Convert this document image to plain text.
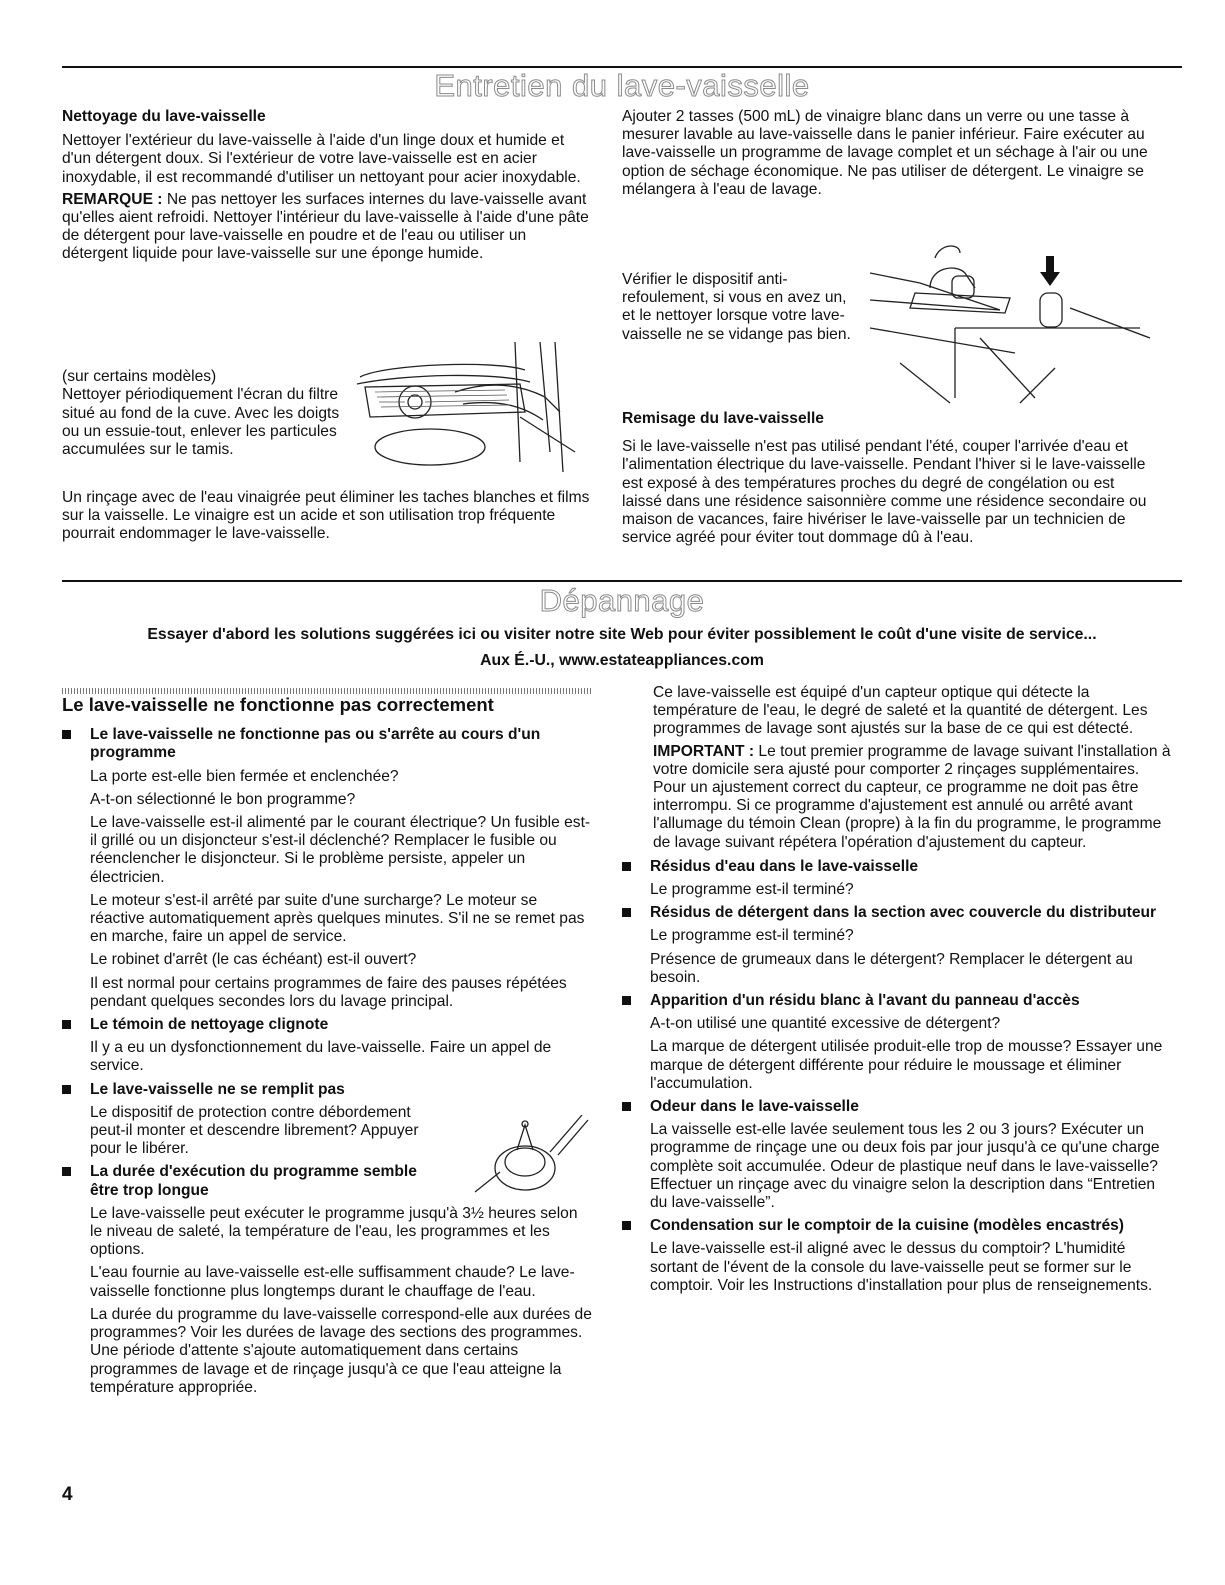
Entretien du lave-vaisselle
Nettoyage du lave-vaisselle

Nettoyer l'extérieur du lave-vaisselle à l'aide d'un linge doux et humide et d'un détergent doux. Si l'extérieur de votre lave-vaisselle est en acier inoxydable, il est recommandé d'utiliser un nettoyant pour acier inoxydable.

REMARQUE : Ne pas nettoyer les surfaces internes du lave-vaisselle avant qu'elles aient refroidi. Nettoyer l'intérieur du lave-vaisselle à l'aide d'une pâte de détergent pour lave-vaisselle en poudre et de l'eau ou utiliser un détergent liquide pour lave-vaisselle sur une éponge humide.

(sur certains modèles)
Nettoyer périodiquement l'écran du filtre situé au fond de la cuve. Avec les doigts ou un essuie-tout, enlever les particules accumulées sur le tamis.

Un rinçage avec de l'eau vinaigrée peut éliminer les taches blanches et films sur la vaisselle. Le vinaigre est un acide et son utilisation trop fréquente pourrait endommager le lave-vaisselle.

Ajouter 2 tasses (500 mL) de vinaigre blanc dans un verre ou une tasse à mesurer lavable au lave-vaisselle dans le panier inférieur. Faire exécuter au lave-vaisselle un programme de lavage complet et un séchage à l'air ou une option de séchage économique. Ne pas utiliser de détergent. Le vinaigre se mélangera à l'eau de lavage.

Vérifier le dispositif anti-refoulement, si vous en avez un, et le nettoyer lorsque votre lave-vaisselle ne se vidange pas bien.

Remisage du lave-vaisselle

Si le lave-vaisselle n'est pas utilisé pendant l'été, couper l'arrivée d'eau et l'alimentation électrique du lave-vaisselle. Pendant l'hiver si le lave-vaisselle est exposé à des températures proches du degré de congélation ou est laissé dans une résidence saisonnière comme une résidence secondaire ou maison de vacances, faire hivériser le lave-vaisselle par un technicien de service agréé pour éviter tout dommage dû à l'eau.

Dépannage
Essayer d'abord les solutions suggérées ici ou visiter notre site Web pour éviter possiblement le coût d'une visite de service...
Aux É.-U., www.estateappliances.com
Le lave-vaisselle ne fonctionne pas correctement
Le lave-vaisselle ne fonctionne pas ou s'arrête au cours d'un programme

La porte est-elle bien fermée et enclenchée?

A-t-on sélectionné le bon programme?

Le lave-vaisselle est-il alimenté par le courant électrique? Un fusible est-il grillé ou un disjoncteur s'est-il déclenché? Remplacer le fusible ou réenclencher le disjoncteur. Si le problème persiste, appeler un électricien.

Le moteur s'est-il arrêté par suite d'une surcharge? Le moteur se réactive automatiquement après quelques minutes. S'il ne se remet pas en marche, faire un appel de service.

Le robinet d'arrêt (le cas échéant) est-il ouvert?

Il est normal pour certains programmes de faire des pauses répétées pendant quelques secondes lors du lavage principal.

Le témoin de nettoyage clignote

Il y a eu un dysfonctionnement du lave-vaisselle. Faire un appel de service.

Le lave-vaisselle ne se remplit pas

Le dispositif de protection contre débordement peut-il monter et descendre librement? Appuyer pour le libérer.

La durée d'exécution du programme semble être trop longue

Le lave-vaisselle peut exécuter le programme jusqu'à 3½ heures selon le niveau de saleté, la température de l'eau, les programmes et les options.

L'eau fournie au lave-vaisselle est-elle suffisamment chaude? Le lave-vaisselle fonctionne plus longtemps durant le chauffage de l'eau.

La durée du programme du lave-vaisselle correspond-elle aux durées de programmes? Voir les durées de lavage des sections des programmes. Une période d'attente s'ajoute automatiquement dans certains programmes de lavage et de rinçage jusqu'à ce que l'eau atteigne la température appropriée.

Ce lave-vaisselle est équipé d'un capteur optique qui détecte la température de l'eau, le degré de saleté et la quantité de détergent. Les programmes de lavage sont ajustés sur la base de ce qui est détecté.

IMPORTANT : Le tout premier programme de lavage suivant l'installation à votre domicile sera ajusté pour comporter 2 rinçages supplémentaires. Pour un ajustement correct du capteur, ce programme ne doit pas être interrompu. Si ce programme d'ajustement est annulé ou arrêté avant l'allumage du témoin Clean (propre) à la fin du programme, le programme de lavage suivant répétera l'opération d'ajustement du capteur.

Résidus d'eau dans le lave-vaisselle

Le programme est-il terminé?

Résidus de détergent dans la section avec couvercle du distributeur

Le programme est-il terminé?

Présence de grumeaux dans le détergent? Remplacer le détergent au besoin.

Apparition d'un résidu blanc à l'avant du panneau d'accès

A-t-on utilisé une quantité excessive de détergent?

La marque de détergent utilisée produit-elle trop de mousse? Essayer une marque de détergent différente pour réduire le moussage et éliminer l'accumulation.

Odeur dans le lave-vaisselle

La vaisselle est-elle lavée seulement tous les 2 ou 3 jours? Exécuter un programme de rinçage une ou deux fois par jour jusqu'à ce qu'une charge complète soit accumulée. Odeur de plastique neuf dans le lave-vaisselle? Effectuer un rinçage avec du vinaigre selon la description dans “Entretien du lave-vaisselle”.

Condensation sur le comptoir de la cuisine (modèles encastrés)

Le lave-vaisselle est-il aligné avec le dessus du comptoir? L'humidité sortant de l'évent de la console du lave-vaisselle peut se former sur le comptoir. Voir les Instructions d'installation pour plus de renseignements.

4
